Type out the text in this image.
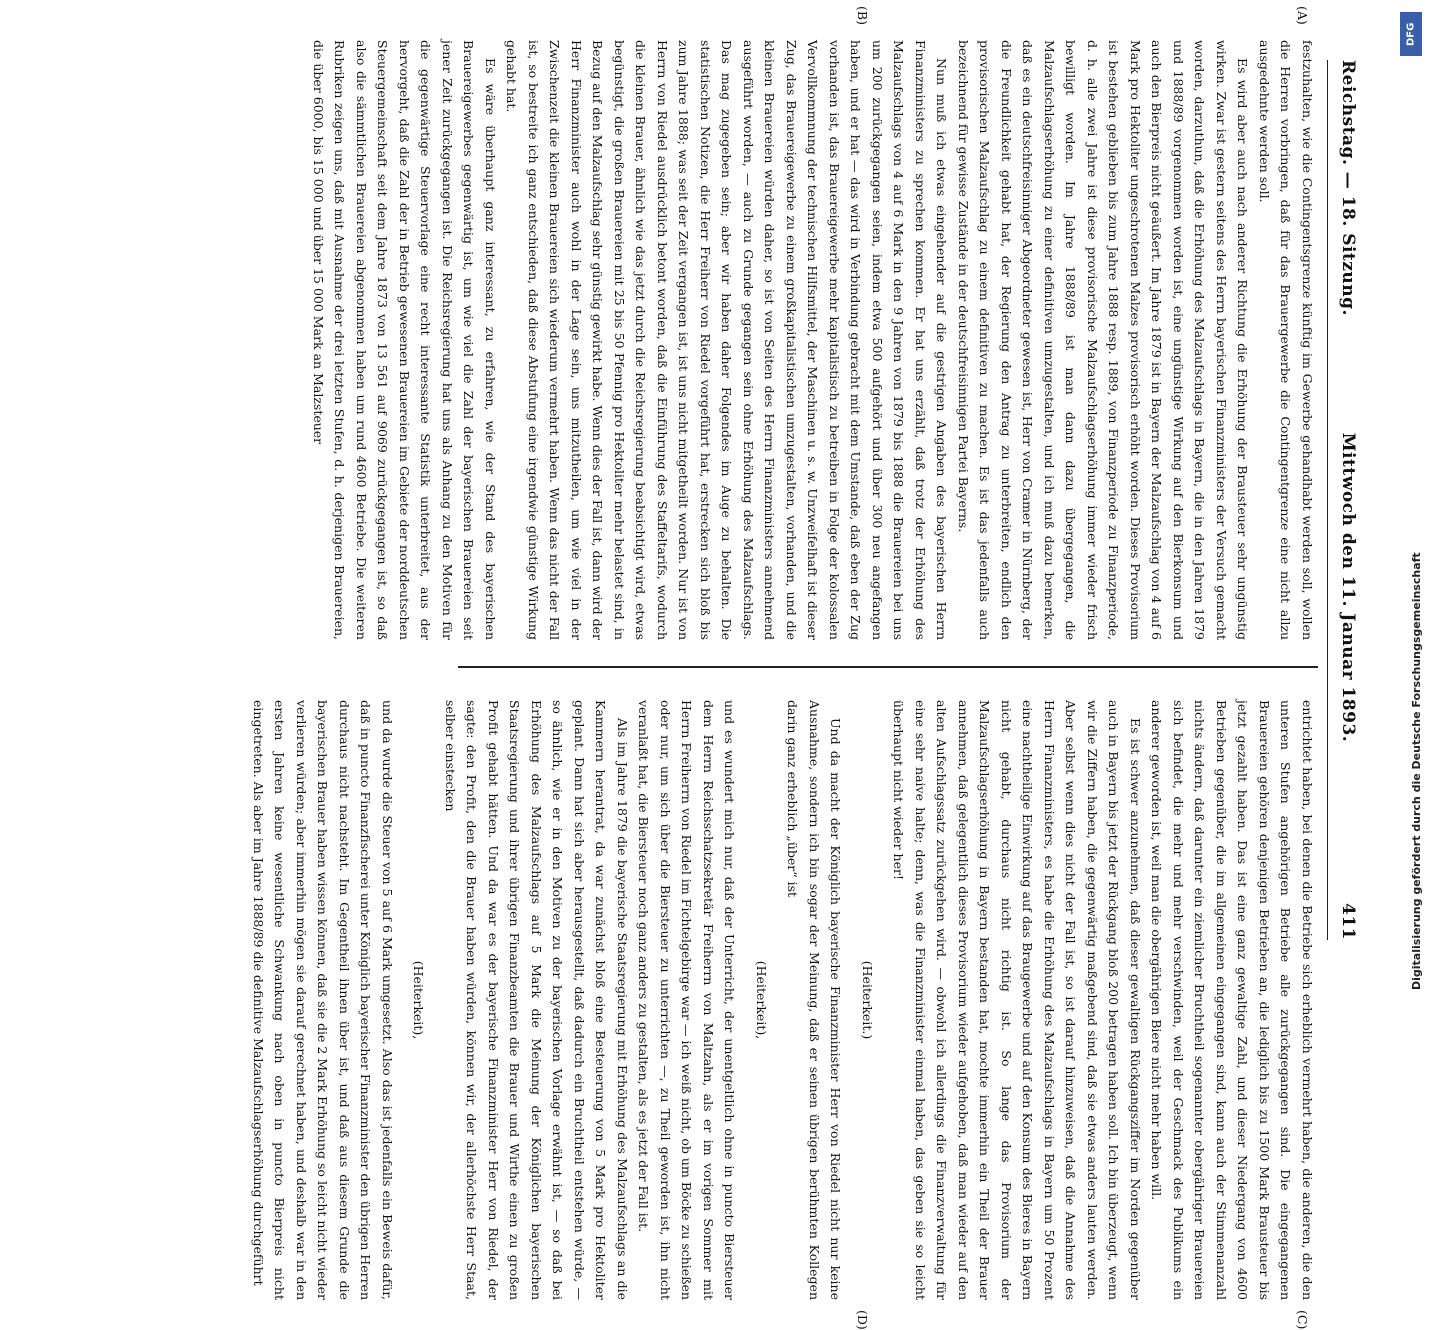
Reichstag. — 18. Sitzung.
Mittwoch den 11. Januar 1893.
411
(A)
(B)
(C)
(D)

festzuhalten, wie die Contingentsgrenze künftig im Gewerbe gehandhabt werden soll, wollen die Herren vorbringen, daß für das Brauergewerbe die Contingentgrenze eine nicht allzu ausgedehnte werden soll.

Es wird aber auch nach anderer Richtung die Erhöhung der Brausteuer sehr ungünstig wirken. Zwar ist gestern seitens des Herrn bayerischen Finanzministers der Versuch gemacht worden, darzuthun, daß die Erhöhung des Malzaufschlags in Bayern, die in den Jahren 1879 und 1888/89 vorgenommen worden ist, eine ungünstige Wirkung auf den Bierkonsum und auch den Bierpreis nicht geäußert. Im Jahre 1879 ist in Bayern der Malzaufschlag von 4 auf 6 Mark pro Hektoliter ungeschrotenen Malzes provisorisch erhöht worden. Dieses Provisorium ist bestehen geblieben bis zum Jahre 1888 resp. 1889, von Finanzperiode zu Finanzperiode, d. h. alle zwei Jahre ist diese provisorische Malzaufschlagserhöhung immer wieder frisch bewilligt worden. Im Jahre 1888/89 ist man dann dazu übergegangen, die Malzaufschlagserhöhung zu einer definitiven umzugestalten, und ich muß dazu bemerken, daß es ein deutschfreisinniger Abgeordneter gewesen ist, Herr von Cramer in Nürnberg, der die Freundlichkeit gehabt hat, der Regierung den Antrag zu unterbreiten, endlich den provisorischen Malzaufschlag zu einem definitiven zu machen. Es ist das jedenfalls auch bezeichnend für gewisse Zustände in der deutschfreisinnigen Partei Bayerns.

Nun muß ich etwas eingehender auf die gestrigen Angaben des bayerischen Herrn Finanzministers zu sprechen kommen. Er hat uns erzählt, daß trotz der Erhöhung des Malzaufschlags von 4 auf 6 Mark in den 9 Jahren von 1879 bis 1888 die Brauereien bei uns um 200 zurückgegangen seien, indem etwa 500 aufgehört und über 300 neu angefangen haben, und er hat — das wird in Verbindung gebracht mit dem Umstande, daß eben der Zug vorhanden ist, das Brauereigewerbe mehr kapitalistisch zu betreiben in Folge der kolossalen Vervollkommnung der technischen Hilfsmittel, der Maschinen u. s. w. Unzweifelhaft ist dieser Zug, das Brauereigewerbe zu einem großkapitalistischen umzugestalten, vorhanden, und die kleinen Brauereien würden daher, so ist von Seiten des Herrn Finanzministers annehmend ausgeführt worden, — auch zu Grunde gegangen sein ohne Erhöhung des Malzaufschlags. Das mag zugegeben sein; aber wir haben daher Folgendes im Auge zu behalten. Die statistischen Notizen, die Herr Freiherr von Riedel vorgeführt hat, erstrecken sich bloß bis zum Jahre 1888; was seit der Zeit vergangen ist, ist uns nicht mitgetheilt worden. Nur ist von Herrn von Riedel ausdrücklich betont worden, daß die Einführung des Staffeltarifs, wodurch die kleinen Brauer, ähnlich wie das jetzt durch die Reichsregierung beabsichtigt wird, etwas begünstigt, die großen Brauereien mit 25 bis 50 Pfennig pro Hektoliter mehr belastet sind, in Bezug auf den Malzaufschlag sehr günstig gewirkt habe. Wenn dies der Fall ist, dann wird der Herr Finanzminister auch wohl in der Lage sein, uns mitzutheilen, um wie viel in der Zwischenzeit die kleinen Brauereien sich wiederum vermehrt haben. Wenn das nicht der Fall ist, so bestreite ich ganz entschieden, daß diese Abstufung eine irgendwie günstige Wirkung gehabt hat.

Es wäre überhaupt ganz interessant, zu erfahren, wie der Stand des bayerischen Brauereigewerbes gegenwärtig ist, um wie viel die Zahl der bayerischen Brauereien seit jener Zeit zurückgegangen ist. Die Reichsregierung hat uns als Anhang zu den Motiven für die gegenwärtige Steuervorlage eine recht interessante Statistik unterbreitet, aus der hervorgeht, daß die Zahl der in Betrieb gewesenen Brauereien im Gebiete der norddeutschen Steuergemeinschaft seit dem Jahre 1873 von 13 561 auf 9069 zurückgegangen ist, so daß also die sämmtlichen Brauereien abgenommen haben um rund 4600 Betriebe. Die weiteren Rubriken zeigen uns, daß mit Ausnahme der drei letzten Stufen, d. h. derjenigen Brauereien, die über 6000, bis 15 000 und über 15 000 Mark an Malzsteuer

entrichtet haben, bei denen die Betriebe sich erheblich vermehrt haben, die anderen, die den unteren Stufen angehörigen Betriebe alle zurückgegangen sind. Die eingegangenen Brauereien gehören denjenigen Betrieben an, die lediglich bis zu 1500 Mark Brausteuer bis jetzt gezahlt haben. Das ist eine ganz gewaltige Zahl, und dieser Niedergang von 4600 Betrieben gegenüber, die im allgemeinen eingegangen sind, kann auch der Stimmenanzahl nichts ändern, daß darunter ein ziemlicher Bruchtheil sogenannter obergähriger Brauereien sich befindet, die mehr und mehr verschwinden, weil der Geschmack des Publikums ein anderer geworden ist, weil man die obergährigen Biere nicht mehr haben will.

Es ist schwer anzunehmen, daß dieser gewaltigen Rückgangsziffer im Norden gegenüber auch in Bayern bis jetzt der Rückgang bloß 200 betragen haben soll. Ich bin überzeugt, wenn wir die Ziffern haben, die gegenwärtig maßgebend sind, daß sie etwas anders lauten werden. Aber selbst wenn dies nicht der Fall ist, so ist darauf hinzuweisen, daß die Annahme des Herrn Finanzministers, es habe die Erhöhung des Malzaufschlags in Bayern um 50 Prozent eine nachtheilige Einwirkung auf das Braugewerbe und auf den Konsum des Bieres in Bayern nicht gehabt, durchaus nicht richtig ist. So lange das Provisorium der Malzaufschlagserhöhung in Bayern bestanden hat, mochte immerhin ein Theil der Brauer annehmen, daß gelegentlich dieses Provisorium wieder aufgehoben, daß man wieder auf den alten Aufschlagssatz zurückgehen wird. — obwohl ich allerdings die Finanzverwaltung für eine sehr naive halte; denn, was die Finanzminister einmal haben, das geben sie so leicht überhaupt nicht wieder her!

(Heiterkeit.)

Und da macht der Königlich bayerische Finanzminister Herr von Riedel nicht nur keine Ausnahme, sondern ich bin sogar der Meinung, daß er seinen übrigen berühmten Kollegen darin ganz erheblich „über“ ist

(Heiterkeit),

und es wundert mich nur, daß der Unterricht, der unentgeltlich ohne in puncto Biersteuer dem Herrn Reichsschatzsekretär Freiherrn von Maltzahn, als er im vorigen Sommer mit Herrn Freiherrn von Riedel im Fichtelgebirge war — ich weiß nicht, ob um Böcke zu schießen oder nur, um sich über die Biersteuer zu unterrichten —, zu Theil geworden ist, ihn nicht veranlaßt hat, die Biersteuer noch ganz anders zu gestalten, als es jetzt der Fall ist.

Als im Jahre 1879 die bayerische Staatsregierung mit Erhöhung des Malzaufschlags an die Kammern herantrat, da war zunächst bloß eine Besteuerung von 5 Mark pro Hektoliter geplant. Dann hat sich aber herausgestellt, daß dadurch ein Bruchtheil entstehen würde, — so ähnlich, wie er in den Motiven zu der bayerischen Vorlage erwähnt ist, — so daß bei Erhöhung des Malzaufschlags auf 5 Mark die Meinung der Königlichen bayerischen Staatsregierung und ihrer übrigen Finanzbeamten die Brauer und Wirthe einen zu großen Profit gehabt hätten. Und da war es der bayerische Finanzminister Herr von Riedel, der sagte: den Profit, den die Brauer haben würden, können wir, der allerhöchste Herr Staat, selber einstecken

(Heiterkeit),

und da wurde die Steuer von 5 auf 6 Mark umgesetzt. Also das ist jedenfalls ein Beweis dafür, daß in puncto Finanzfischerei unter Königlich bayerischer Finanzminister den übrigen Herren durchaus nicht nachsteht. Im Gegentheil ihnen über ist, und daß aus diesem Grunde die bayerischen Brauer haben wissen können, daß sie die 2 Mark Erhöhung so leicht nicht wieder verlieren würden; aber immerhin mögen sie darauf gerechnet haben, und deshalb war in den ersten Jahren keine wesentliche Schwankung nach oben in puncto Bierpreis nicht eingetreten. Als aber im Jahre 1888/89 die definitive Malzaufschlagserhöhung durchgeführt

DFG
Digitalisierung gefördert durch die Deutsche Forschungsgemeinschaft
